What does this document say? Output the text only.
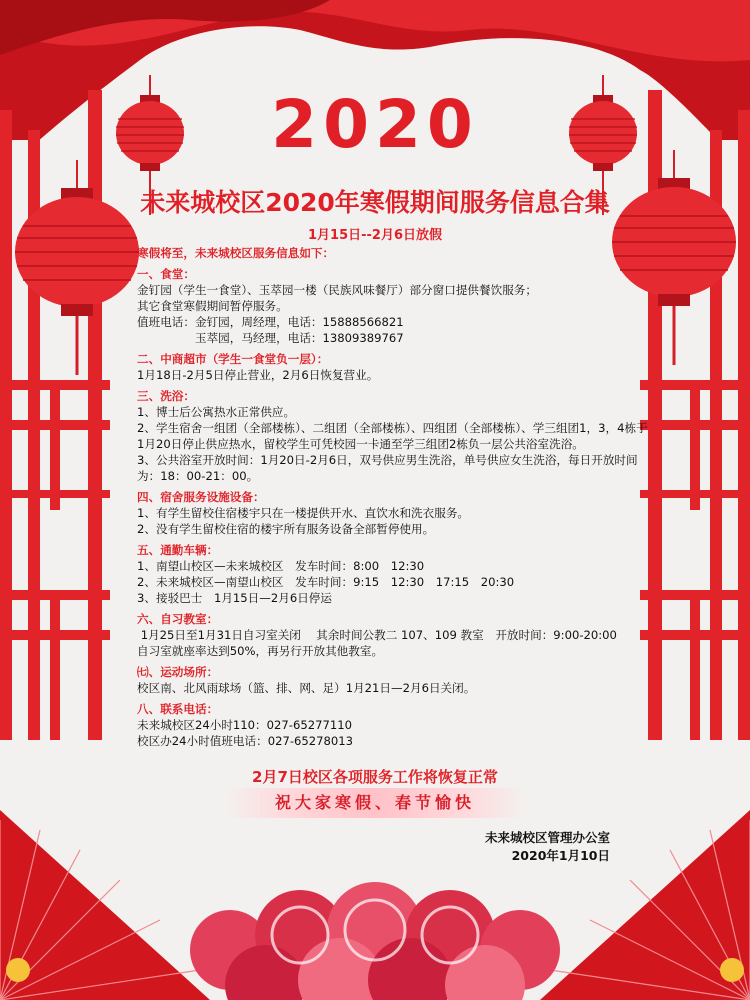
2020
未来城校区2020年寒假期间服务信息合集
1月15日--2月6日放假
寒假将至，未来城校区服务信息如下：
一、食堂：
金钉园（学生一食堂）、玉萃园一楼（民族风味餐厅）部分窗口提供餐饮服务；
其它食堂寒假期间暂停服务。
值班电话：金钉园，周经理，电话：15888566821
　　　　　玉萃园，马经理，电话：13809389767
二、中商超市（学生一食堂负一层）：
1月18日-2月5日停止营业，2月6日恢复营业。
三、洗浴：
1、博士后公寓热水正常供应。
2、学生宿舍一组团（全部楼栋）、二组团（全部楼栋）、四组团（全部楼栋）、学三组团1，3，4栋于1月20日停止供应热水，留校学生可凭校园一卡通至学三组团2栋负一层公共浴室洗浴。
3、公共浴室开放时间：1月20日-2月6日，双号供应男生洗浴，单号供应女生洗浴，每日开放时间为：18：00-21：00。
四、宿舍服务设施设备：
1、有学生留校住宿楼宇只在一楼提供开水、直饮水和洗衣服务。
2、没有学生留校住宿的楼宇所有服务设备全部暂停使用。
五、通勤车辆：
1、南望山校区—未来城校区　发车时间：8:00　12:30
2、未来城校区—南望山校区　发车时间：9:15　12:30　17:15　20:30
3、接驳巴士　1月15日—2月6日停运
六、自习教室：
1月25日至1月31日自习室关闭　 其余时间公教二 107、109 教室　开放时间：9:00-20:00
自习室就座率达到50%，再另行开放其他教室。
㈦、运动场所：
校区南、北风雨球场（篮、排、网、足）1月21日—2月6日关闭。
八、联系电话：
未来城校区24小时110：027-65277110
校区办24小时值班电话：027-65278013
2月7日校区各项服务工作将恢复正常
祝大家寒假、春节愉快
未来城校区管理办公室
2020年1月10日
